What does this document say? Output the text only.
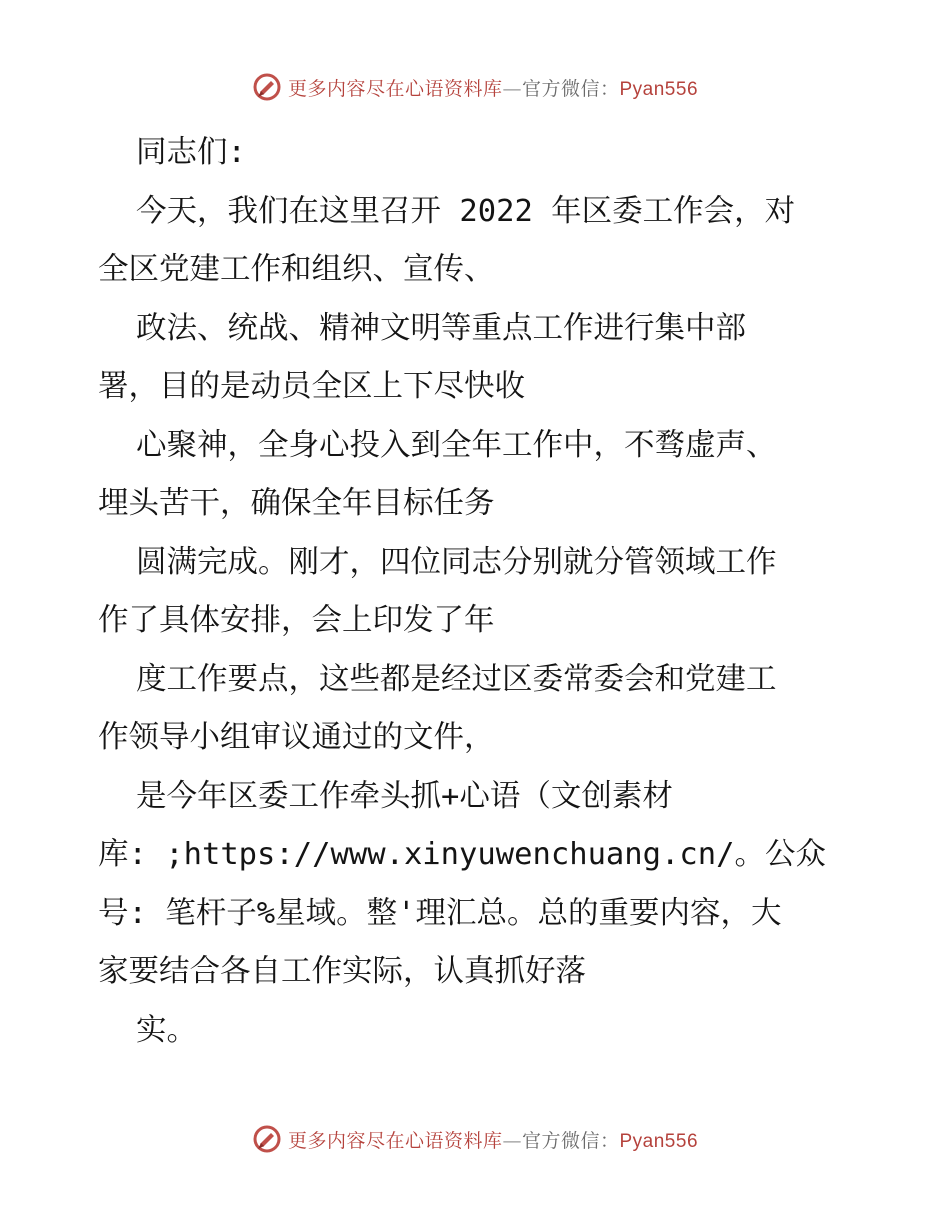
更多内容尽在心语资料库—官方微信：Pyan556
同志们:
今天，我们在这里召开 2022 年区委工作会，对
全区党建工作和组织、宣传、
政法、统战、精神文明等重点工作进行集中部
署，目的是动员全区上下尽快收
心聚神，全身心投入到全年工作中，不骛虚声、
埋头苦干，确保全年目标任务
圆满完成。刚才，四位同志分别就分管领域工作
作了具体安排，会上印发了年
度工作要点，这些都是经过区委常委会和党建工
作领导小组审议通过的文件，
是今年区委工作牵头抓+心语（文创素材
库: ;https://www.xinyuwenchuang.cn/。公众
号: 笔杆子%星域。整'理汇总。总的重要内容，大
家要结合各自工作实际，认真抓好落
实。
更多内容尽在心语资料库—官方微信：Pyan556
